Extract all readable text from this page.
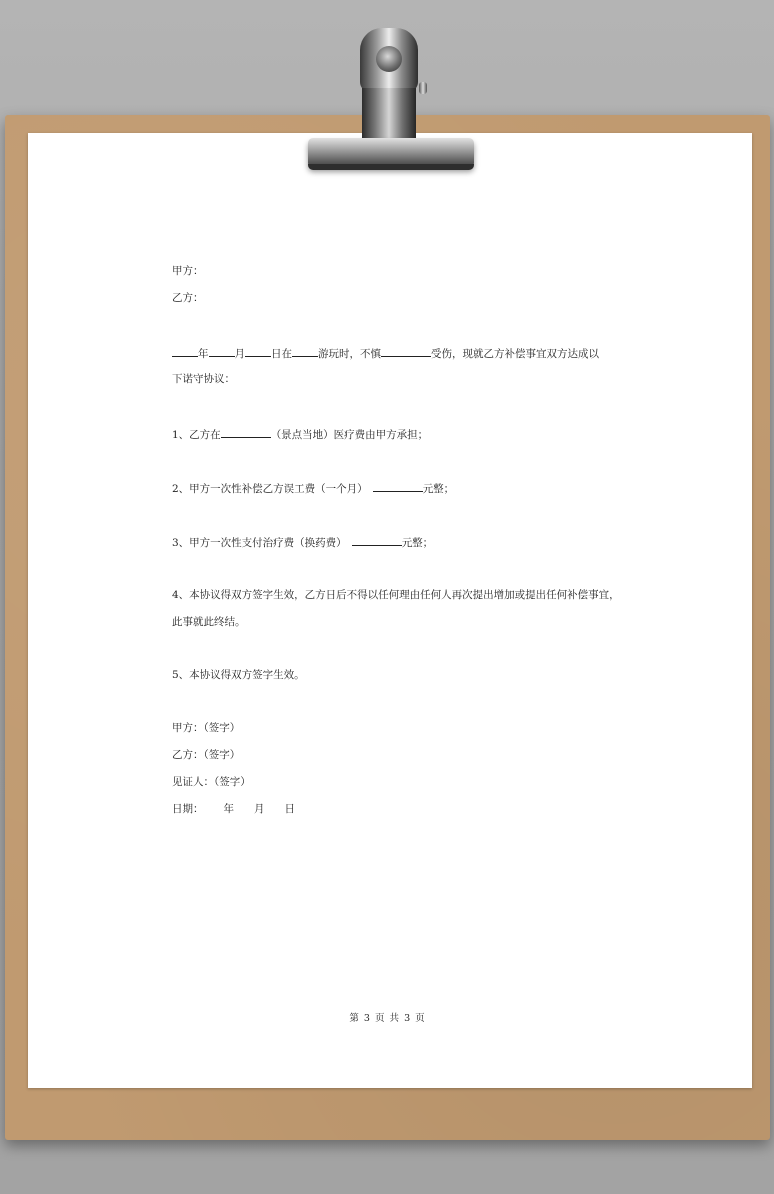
甲方：
乙方：
年 月 日在 游玩时，不慎	受伤，现就乙方补偿事宜双方达成以
下诺守协议：
1、乙方在	（景点当地）医疗费由甲方承担；
2、甲方一次性补偿乙方误工费（一个月）	元整；
3、甲方一次性支付治疗费（换药费）	元整；
4、本协议得双方签字生效，乙方日后不得以任何理由任何人再次提出增加或提出任何补偿事宜，
此事就此终结。
5、本协议得双方签字生效。
甲方：（签字）
乙方：（签字）
见证人：（签字）
日期： 年 月 日
第 3 页 共 3 页
